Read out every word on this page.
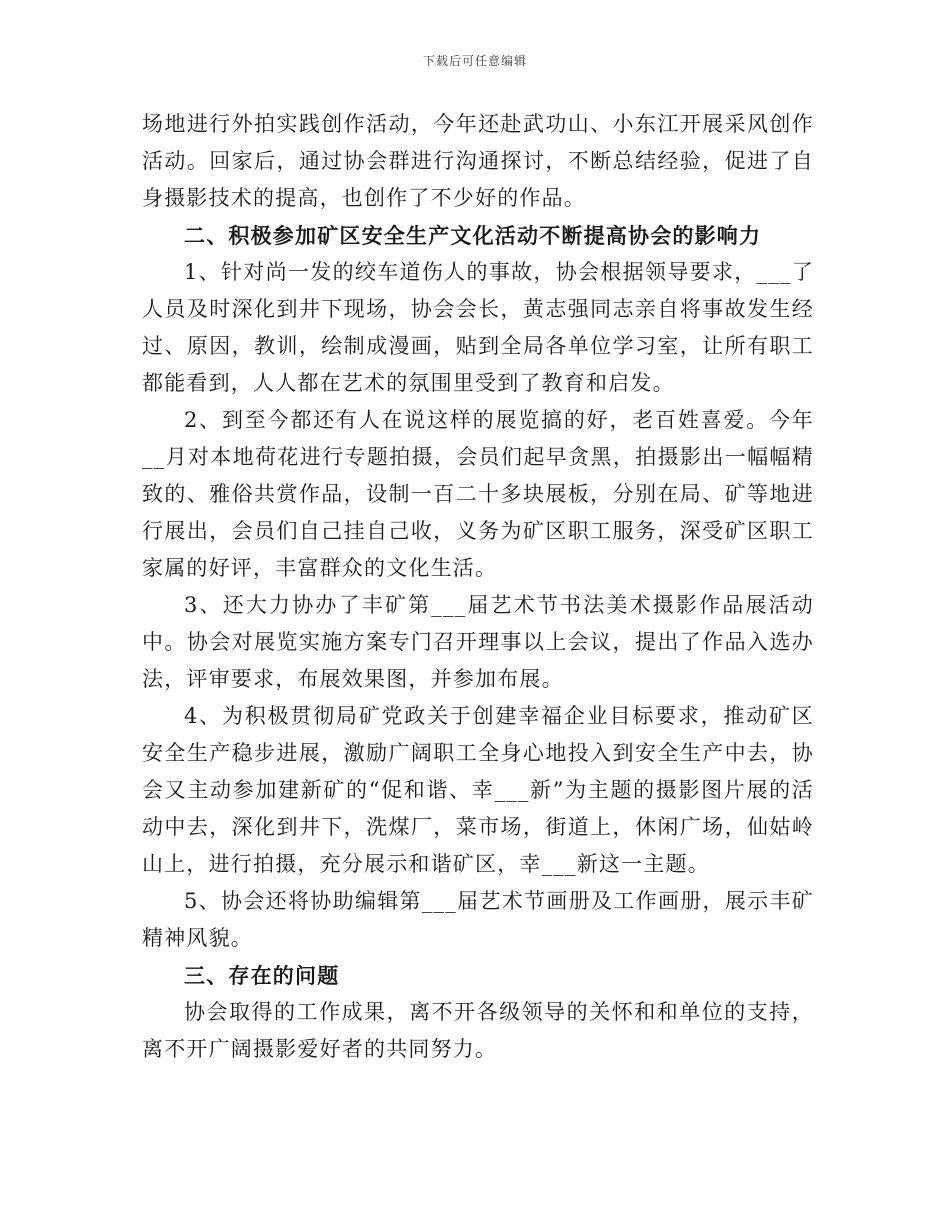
下载后可任意编辑

场地进行外拍实践创作活动，今年还赴武功山、小东江开展采风创作活动。回家后，通过协会群进行沟通探讨，不断总结经验，促进了自身摄影技术的提高，也创作了不少好的作品。

二、积极参加矿区安全生产文化活动不断提高协会的影响力

1、针对尚一发的绞车道伤人的事故，协会根据领导要求，___了人员及时深化到井下现场，协会会长，黄志强同志亲自将事故发生经过、原因，教训，绘制成漫画，贴到全局各单位学习室，让所有职工都能看到，人人都在艺术的氛围里受到了教育和启发。

2、到至今都还有人在说这样的展览搞的好，老百姓喜爱。今年__月对本地荷花进行专题拍摄，会员们起早贪黑，拍摄影出一幅幅精致的、雅俗共赏作品，设制一百二十多块展板，分别在局、矿等地进行展出，会员们自己挂自己收，义务为矿区职工服务，深受矿区职工家属的好评，丰富群众的文化生活。

3、还大力协办了丰矿第___届艺术节书法美术摄影作品展活动中。协会对展览实施方案专门召开理事以上会议，提出了作品入选办法，评审要求，布展效果图，并参加布展。

4、为积极贯彻局矿党政关于创建幸福企业目标要求，推动矿区安全生产稳步进展，激励广阔职工全身心地投入到安全生产中去，协会又主动参加建新矿的“促和谐、幸___新”为主题的摄影图片展的活动中去，深化到井下，洗煤厂，菜市场，街道上，休闲广场，仙姑岭山上，进行拍摄，充分展示和谐矿区，幸___新这一主题。

5、协会还将协助编辑第___届艺术节画册及工作画册，展示丰矿精神风貌。

三、存在的问题

协会取得的工作成果，离不开各级领导的关怀和和单位的支持，离不开广阔摄影爱好者的共同努力。
